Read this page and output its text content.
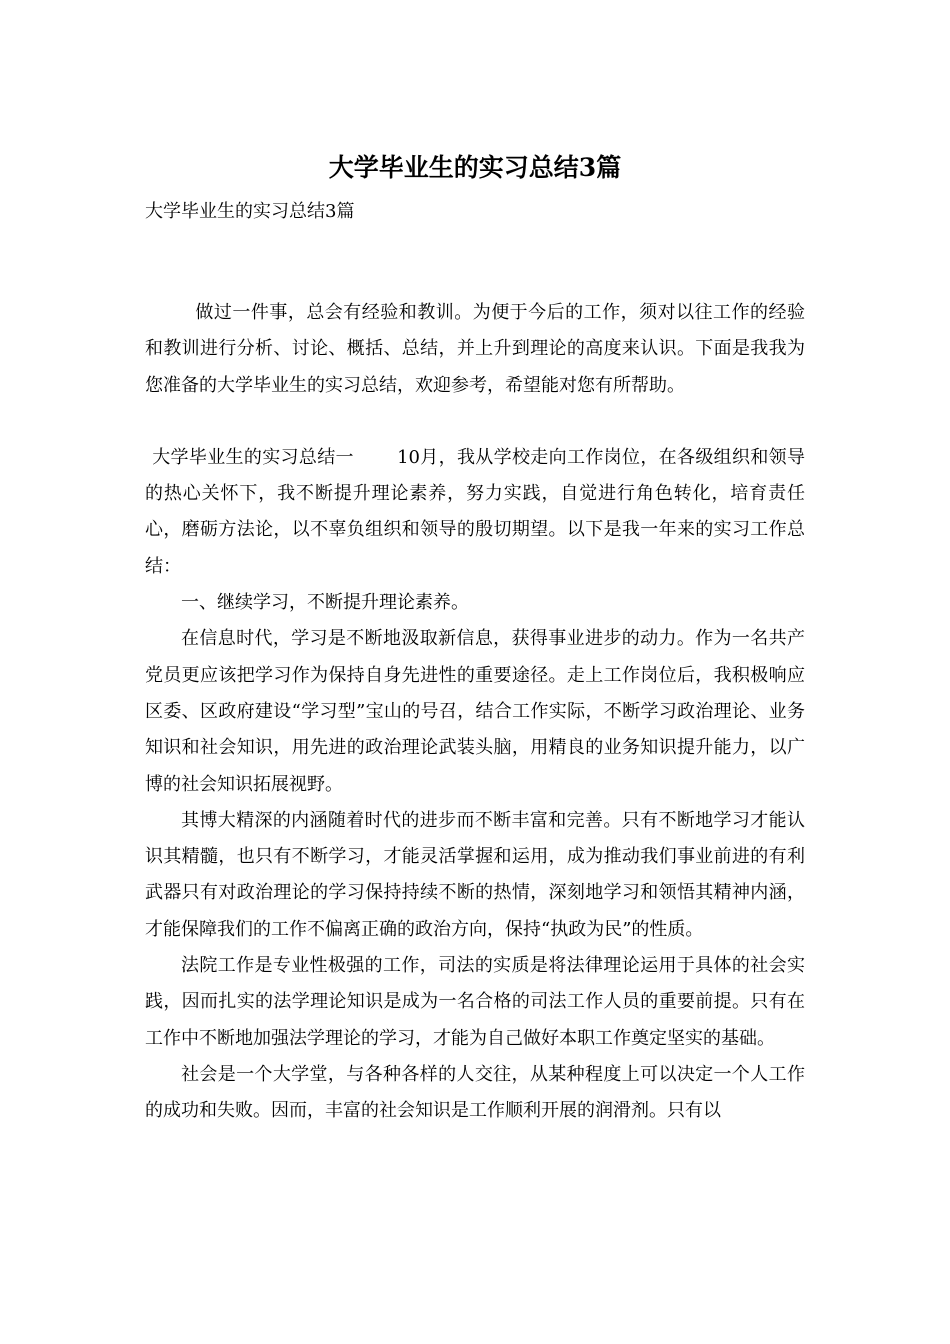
大学毕业生的实习总结3篇
大学毕业生的实习总结3篇

做过一件事，总会有经验和教训。为便于今后的工作，须对以往工作的经验和教训进行分析、讨论、概括、总结，并上升到理论的高度来认识。下面是我我为您准备的大学毕业生的实习总结，欢迎参考，希望能对您有所帮助。

大学毕业生的实习总结一 10月，我从学校走向工作岗位，在各级组织和领导的热心关怀下，我不断提升理论素养，努力实践，自觉进行角色转化，培育责任心，磨砺方法论，以不辜负组织和领导的殷切期望。以下是我一年来的实习工作总结：

一、继续学习，不断提升理论素养。

在信息时代，学习是不断地汲取新信息，获得事业进步的动力。作为一名共产党员更应该把学习作为保持自身先进性的重要途径。走上工作岗位后，我积极响应区委、区政府建设“学习型”宝山的号召，结合工作实际，不断学习政治理论、业务知识和社会知识，用先进的政治理论武装头脑，用精良的业务知识提升能力，以广博的社会知识拓展视野。

其博大精深的内涵随着时代的进步而不断丰富和完善。只有不断地学习才能认识其精髓，也只有不断学习，才能灵活掌握和运用，成为推动我们事业前进的有利武器只有对政治理论的学习保持持续不断的热情，深刻地学习和领悟其精神内涵，才能保障我们的工作不偏离正确的政治方向，保持“执政为民”的性质。

法院工作是专业性极强的工作，司法的实质是将法律理论运用于具体的社会实践，因而扎实的法学理论知识是成为一名合格的司法工作人员的重要前提。只有在工作中不断地加强法学理论的学习，才能为自己做好本职工作奠定坚实的基础。

社会是一个大学堂，与各种各样的人交往，从某种程度上可以决定一个人工作的成功和失败。因而，丰富的社会知识是工作顺利开展的润滑剂。只有以
